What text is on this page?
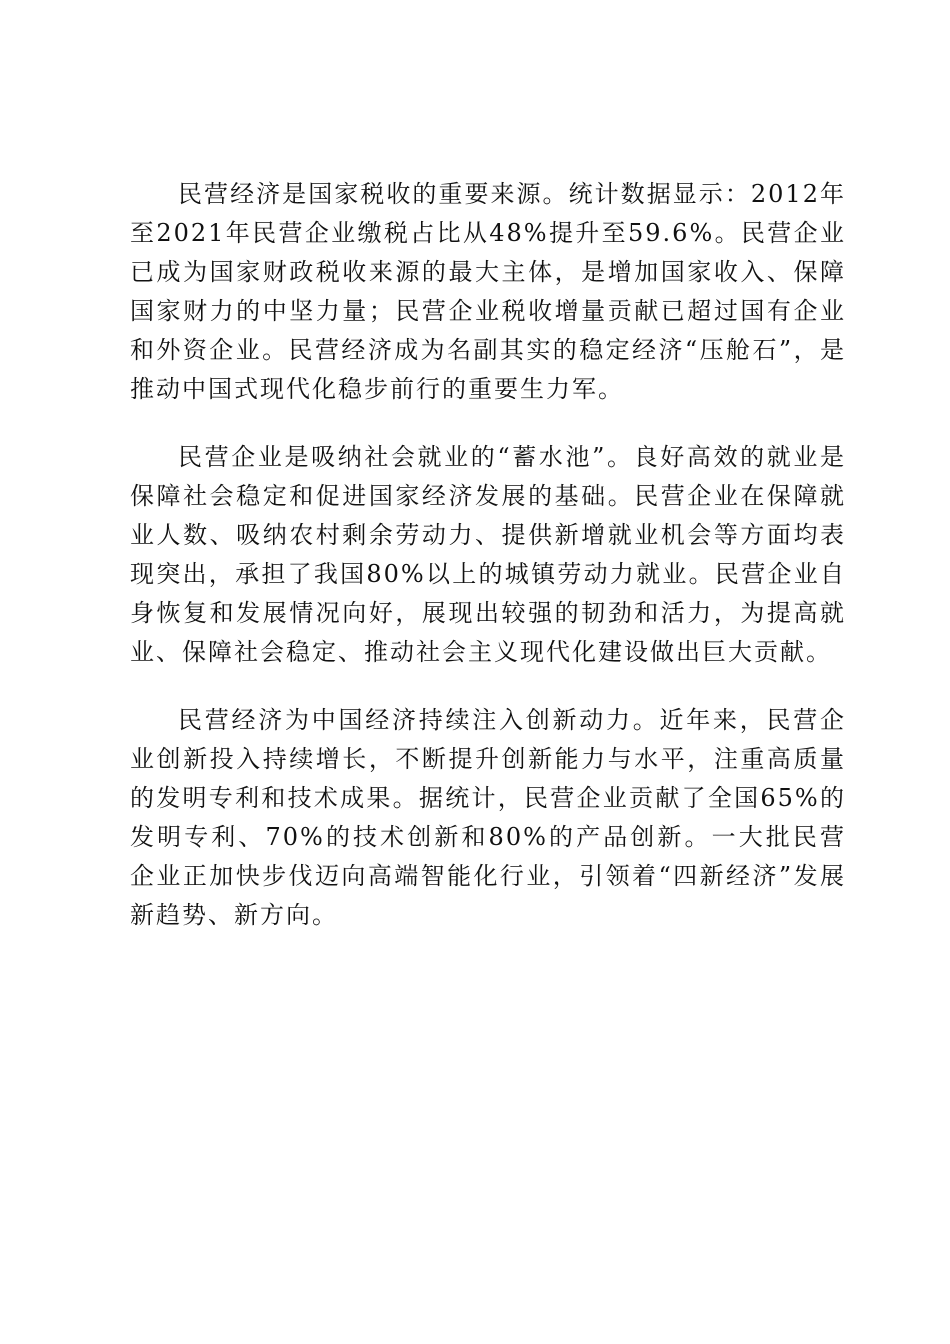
民营经济是国家税收的重要来源。统计数据显示：2012年至2021年民营企业缴税占比从48%提升至59.6%。民营企业已成为国家财政税收来源的最大主体，是增加国家收入、保障国家财力的中坚力量；民营企业税收增量贡献已超过国有企业和外资企业。民营经济成为名副其实的稳定经济“压舱石”，是推动中国式现代化稳步前行的重要生力军。

民营企业是吸纳社会就业的“蓄水池”。良好高效的就业是保障社会稳定和促进国家经济发展的基础。民营企业在保障就业人数、吸纳农村剩余劳动力、提供新增就业机会等方面均表现突出，承担了我国80%以上的城镇劳动力就业。民营企业自身恢复和发展情况向好，展现出较强的韧劲和活力，为提高就业、保障社会稳定、推动社会主义现代化建设做出巨大贡献。

民营经济为中国经济持续注入创新动力。近年来，民营企业创新投入持续增长，不断提升创新能力与水平，注重高质量的发明专利和技术成果。据统计，民营企业贡献了全国65%的发明专利、70%的技术创新和80%的产品创新。一大批民营企业正加快步伐迈向高端智能化行业，引领着“四新经济”发展新趋势、新方向。
